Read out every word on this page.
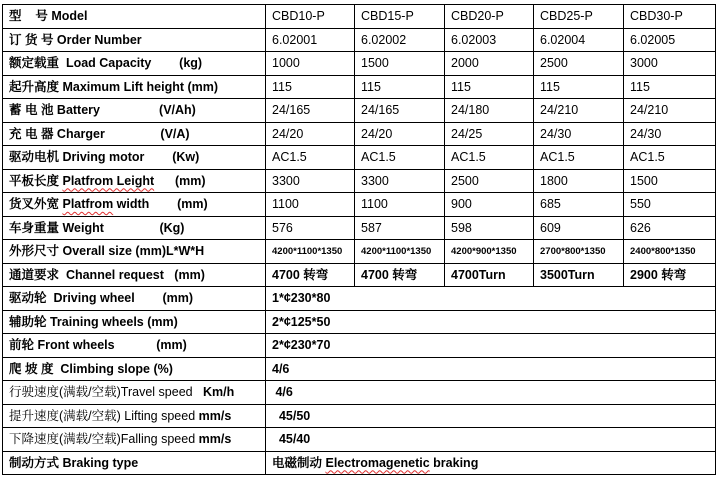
型    号 Model	CBD10-P	CBD15-P	CBD20-P	CBD25-P	CBD30-P
订 货 号 Order Number	6.02001	6.02002	6.02003	6.02004	6.02005
额定载重  Load Capacity        (kg)	1000	1500	2000	2500	3000
起升高度 Maximum Lift height (mm)	115	115	115	115	115
蓄 电 池 Battery                 (V/Ah)	24/165	24/165	24/180	24/210	24/210
充 电 器 Charger                (V/A)	24/20	24/20	24/25	24/30	24/30
驱动电机 Driving motor        (Kw)	AC1.5	AC1.5	AC1.5	AC1.5	AC1.5
平板长度 Platfrom Leight      (mm)	3300	3300	2500	1800	1500
货叉外宽 Platfrom width        (mm)	1100	1100	900	685	550
车身重量 Weight                (Kg)	576	587	598	609	626
外形尺寸 Overall size (mm)L*W*H	4200*1100*1350	4200*1100*1350	4200*900*1350	2700*800*1350	2400*800*1350
通道要求  Channel request   (mm)	4700 转弯	4700 转弯	4700Turn	3500Turn	2900 转弯
驱动轮  Driving wheel        (mm)	1*¢230*80				
辅助轮 Training wheels (mm)	2*¢125*50				
前轮 Front wheels            (mm)	2*¢230*70				
爬 坡 度  Climbing slope (%)	4/6				
行驶速度(满载/空载)Travel speed   Km/h	4/6				
提升速度(满载/空载) Lifting speed mm/s	45/50				
下降速度(满载/空载)Falling speed mm/s	45/40				
制动方式 Braking type	电磁制动 Electromagenetic braking				
